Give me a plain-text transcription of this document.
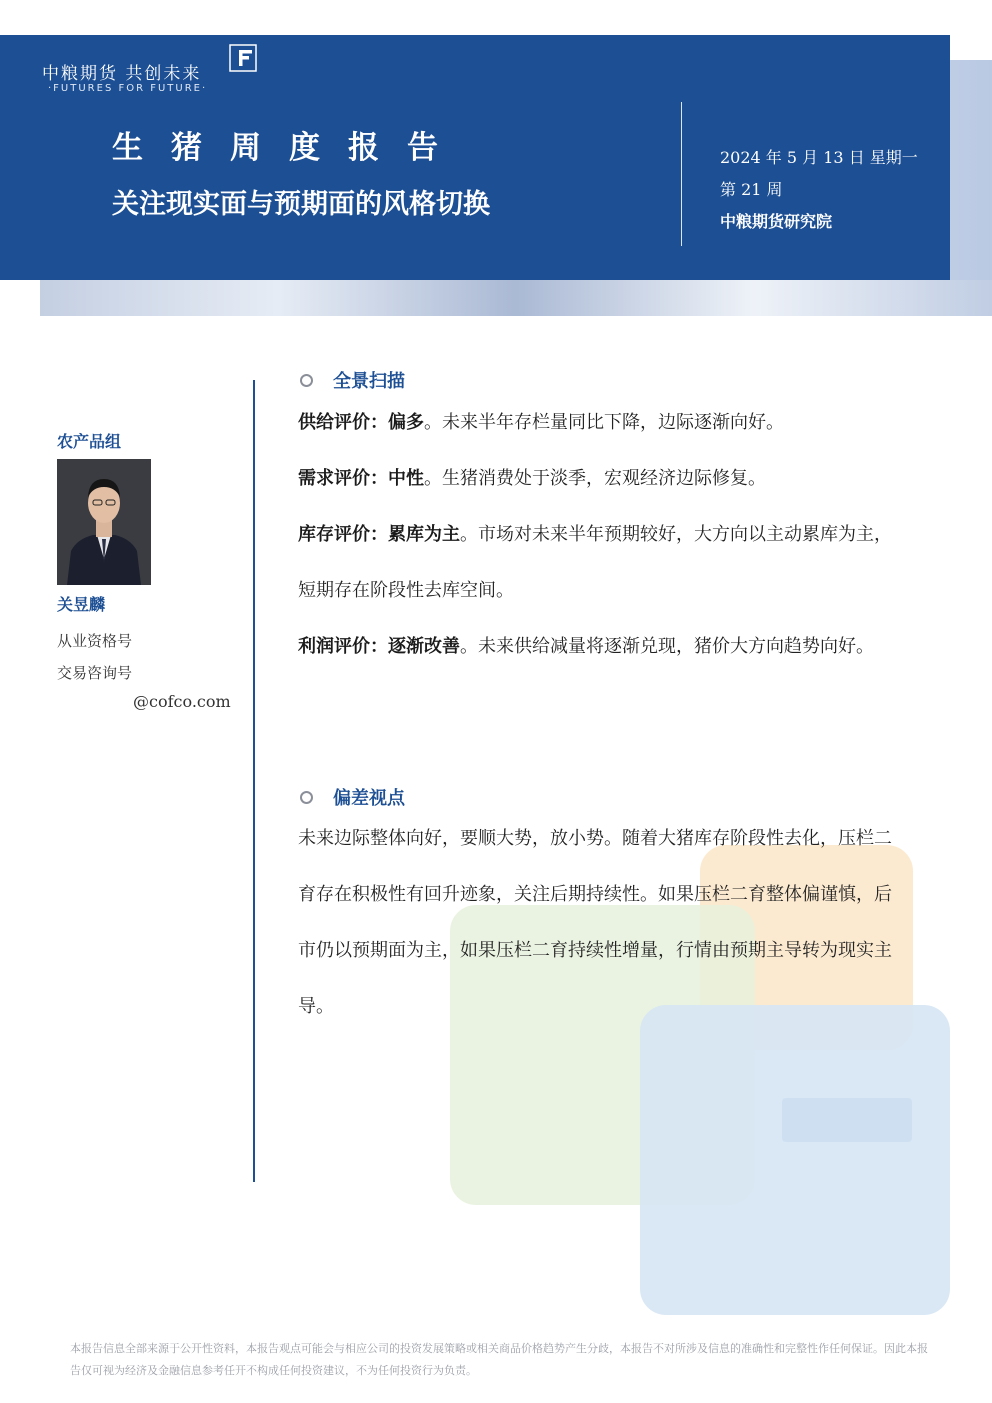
中粮期货 共创未来
·FUTURES FOR FUTURE·
生猪周度报告
关注现实面与预期面的风格切换
2024 年 5 月 13 日 星期一
第 21 周
中粮期货研究院
农产品组
关昱麟
从业资格号
交易咨询号
@cofco.com
全景扫描
供给评价：偏多。未来半年存栏量同比下降，边际逐渐向好。
需求评价：中性。生猪消费处于淡季，宏观经济边际修复。
库存评价：累库为主。市场对未来半年预期较好，大方向以主动累库为主，短期存在阶段性去库空间。
利润评价：逐渐改善。未来供给减量将逐渐兑现，猪价大方向趋势向好。
偏差视点
未来边际整体向好，要顺大势，放小势。随着大猪库存阶段性去化，压栏二育存在积极性有回升迹象，关注后期持续性。如果压栏二育整体偏谨慎，后市仍以预期面为主，如果压栏二育持续性增量，行情由预期主导转为现实主导。
本报告信息全部来源于公开性资料，本报告观点可能会与相应公司的投资发展策略或相关商品价格趋势产生分歧，本报告不对所涉及信息的准确性和完整性作任何保证。因此本报告仅可视为经济及金融信息参考任开不构成任何投资建议，不为任何投资行为负责。
